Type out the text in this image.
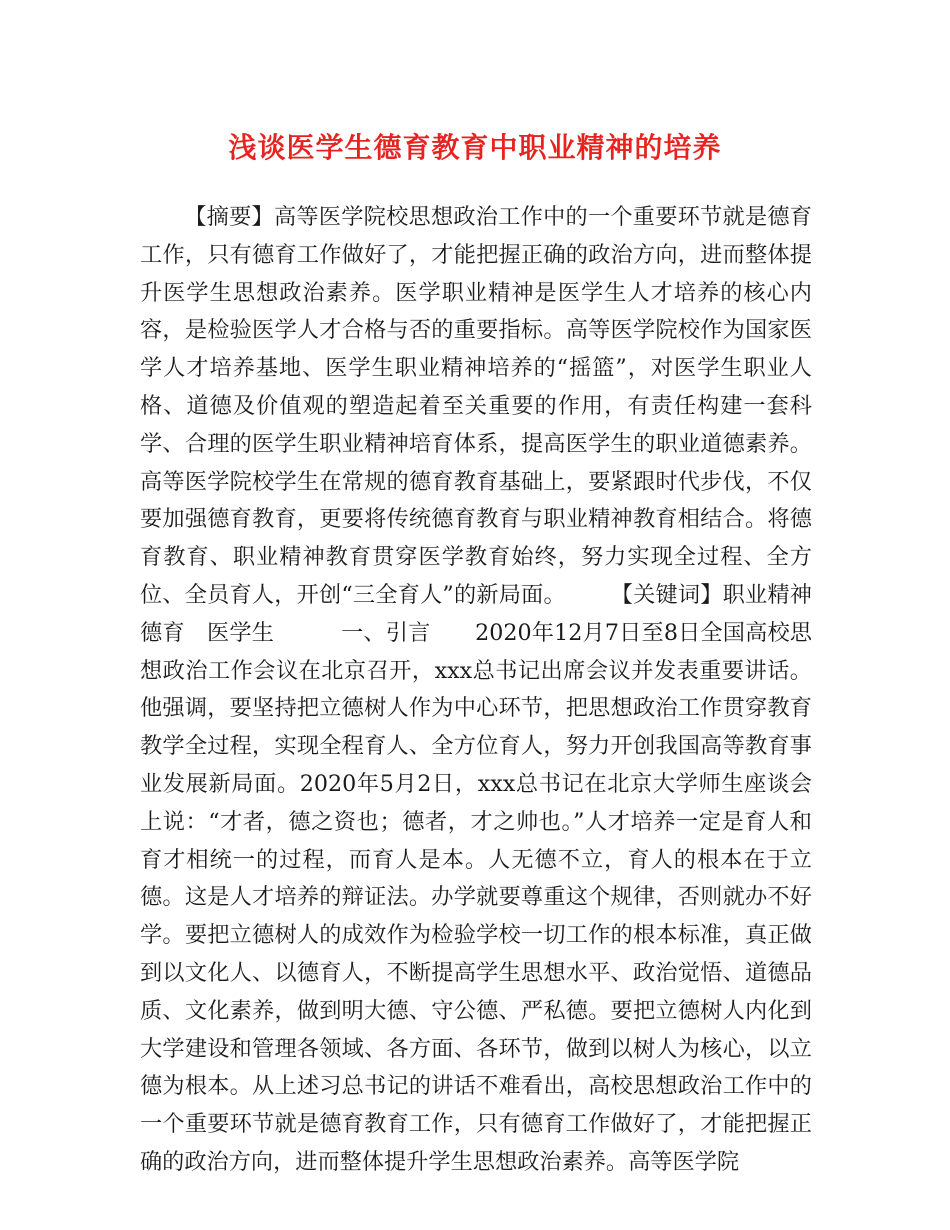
浅谈医学生德育教育中职业精神的培养

【摘要】高等医学院校思想政治工作中的一个重要环节就是德育工作，只有德育工作做好了，才能把握正确的政治方向，进而整体提升医学生思想政治素养。医学职业精神是医学生人才培养的核心内容，是检验医学人才合格与否的重要指标。高等医学院校作为国家医学人才培养基地、医学生职业精神培养的“摇篮”，对医学生职业人格、道德及价值观的塑造起着至关重要的作用，有责任构建一套科学、合理的医学生职业精神培育体系，提高医学生的职业道德素养。高等医学院校学生在常规的德育教育基础上，要紧跟时代步伐，不仅要加强德育教育，更要将传统德育教育与职业精神教育相结合。将德育教育、职业精神教育贯穿医学教育始终，努力实现全过程、全方位、全员育人，开创“三全育人”的新局面。　　　【关键词】职业精神　德育　医学生　　　一、引言　　2020年12月7日至8日全国高校思想政治工作会议在北京召开，xxx总书记出席会议并发表重要讲话。他强调，要坚持把立德树人作为中心环节，把思想政治工作贯穿教育教学全过程，实现全程育人、全方位育人，努力开创我国高等教育事业发展新局面。2020年5月2日，xxx总书记在北京大学师生座谈会上说：“才者，德之资也；德者，才之帅也。”人才培养一定是育人和育才相统一的过程，而育人是本。人无德不立，育人的根本在于立德。这是人才培养的辩证法。办学就要尊重这个规律，否则就办不好学。要把立德树人的成效作为检验学校一切工作的根本标准，真正做到以文化人、以德育人，不断提高学生思想水平、政治觉悟、道德品质、文化素养，做到明大德、守公德、严私德。要把立德树人内化到大学建设和管理各领域、各方面、各环节，做到以树人为核心，以立德为根本。从上述习总书记的讲话不难看出，高校思想政治工作中的一个重要环节就是德育教育工作，只有德育工作做好了，才能把握正确的政治方向，进而整体提升学生思想政治素养。高等医学院
